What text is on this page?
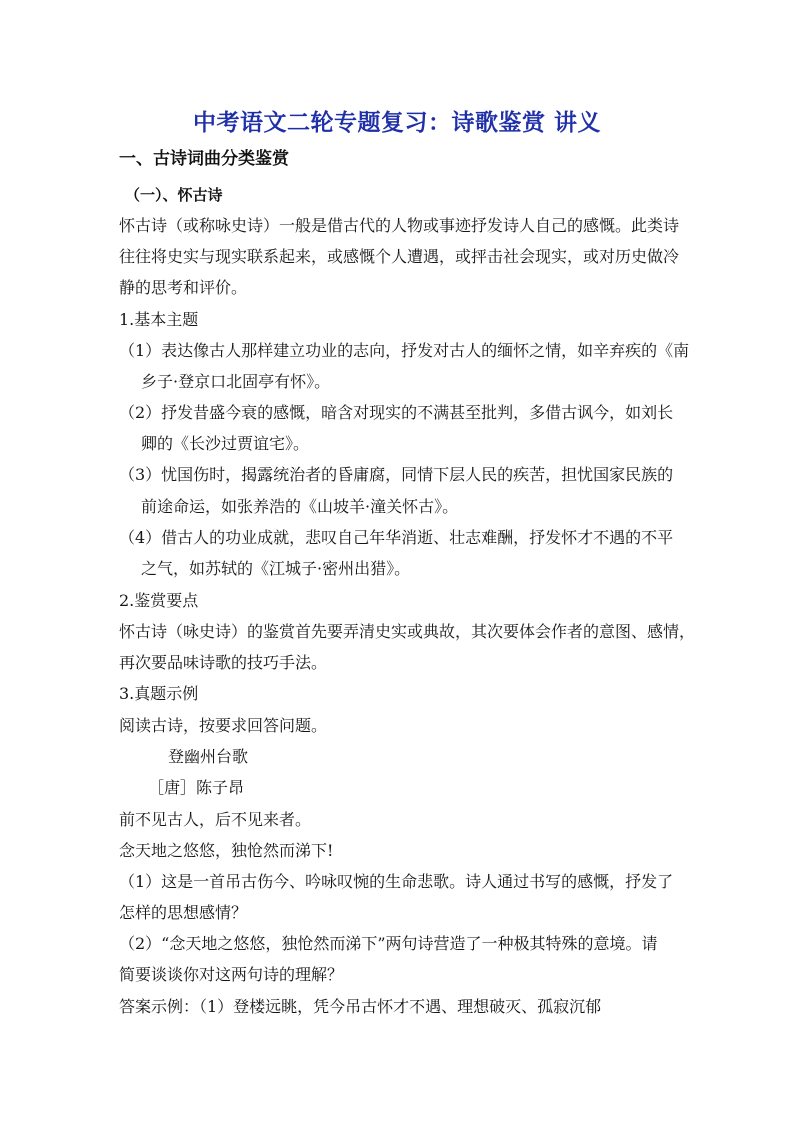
中考语文二轮专题复习：诗歌鉴赏 讲义
一、古诗词曲分类鉴赏
（一）、怀古诗
怀古诗（或称咏史诗）一般是借古代的人物或事迹抒发诗人自己的感慨。此类诗
往往将史实与现实联系起来，或感慨个人遭遇，或抨击社会现实，或对历史做冷
静的思考和评价。
1.基本主题
（1）表达像古人那样建立功业的志向，抒发对古人的缅怀之情，如辛弃疾的《南
乡子·登京口北固亭有怀》。
（2）抒发昔盛今衰的感慨，暗含对现实的不满甚至批判，多借古讽今，如刘长
卿的《长沙过贾谊宅》。
（3）忧国伤时，揭露统治者的昏庸腐，同情下层人民的疾苦，担忧国家民族的
前途命运，如张养浩的《山坡羊·潼关怀古》。
（4）借古人的功业成就，悲叹自己年华消逝、壮志难酬，抒发怀才不遇的不平
之气，如苏轼的《江城子·密州出猎》。
2.鉴赏要点
怀古诗（咏史诗）的鉴赏首先要弄清史实或典故，其次要体会作者的意图、感情，
再次要品味诗歌的技巧手法。
3.真题示例
阅读古诗，按要求回答问题。
登幽州台歌
［唐］陈子昂
前不见古人，后不见来者。
念天地之悠悠，独怆然而涕下!
（1）这是一首吊古伤今、吟咏叹惋的生命悲歌。诗人通过书写的感慨，抒发了
怎样的思想感情？
（2）“念天地之悠悠，独怆然而涕下”两句诗营造了一种极其特殊的意境。请
简要谈谈你对这两句诗的理解？
答案示例：（1）登楼远眺，凭今吊古怀才不遇、理想破灭、孤寂沉郁
